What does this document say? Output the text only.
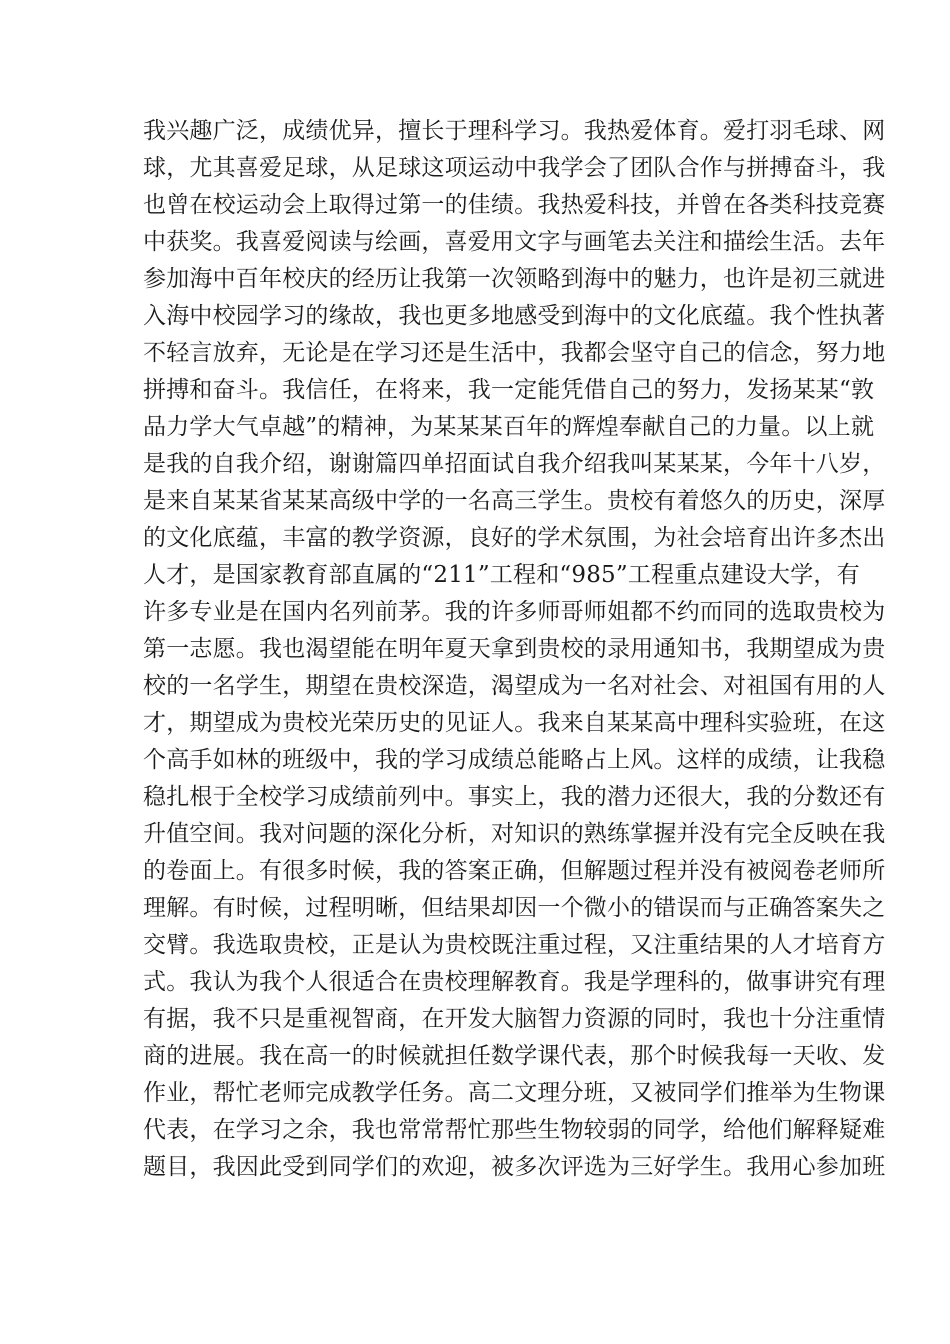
我兴趣广泛，成绩优异，擅长于理科学习。我热爱体育。爱打羽毛球、网
球，尤其喜爱足球，从足球这项运动中我学会了团队合作与拼搏奋斗，我
也曾在校运动会上取得过第一的佳绩。我热爱科技，并曾在各类科技竞赛
中获奖。我喜爱阅读与绘画，喜爱用文字与画笔去关注和描绘生活。去年
参加海中百年校庆的经历让我第一次领略到海中的魅力，也许是初三就进
入海中校园学习的缘故，我也更多地感受到海中的文化底蕴。我个性执著
不轻言放弃，无论是在学习还是生活中，我都会坚守自己的信念，努力地
拼搏和奋斗。我信任，在将来，我一定能凭借自己的努力，发扬某某“敦
品力学大气卓越”的精神，为某某某百年的辉煌奉献自己的力量。以上就
是我的自我介绍，谢谢篇四单招面试自我介绍我叫某某某，今年十八岁，
是来自某某省某某高级中学的一名高三学生。贵校有着悠久的历史，深厚
的文化底蕴，丰富的教学资源，良好的学术氛围，为社会培育出许多杰出
人才，是国家教育部直属的“211”工程和“985”工程重点建设大学，有
许多专业是在国内名列前茅。我的许多师哥师姐都不约而同的选取贵校为
第一志愿。我也渴望能在明年夏天拿到贵校的录用通知书，我期望成为贵
校的一名学生，期望在贵校深造，渴望成为一名对社会、对祖国有用的人
才，期望成为贵校光荣历史的见证人。我来自某某高中理科实验班，在这
个高手如林的班级中，我的学习成绩总能略占上风。这样的成绩，让我稳
稳扎根于全校学习成绩前列中。事实上，我的潜力还很大，我的分数还有
升值空间。我对问题的深化分析，对知识的熟练掌握并没有完全反映在我
的卷面上。有很多时候，我的答案正确，但解题过程并没有被阅卷老师所
理解。有时候，过程明晰，但结果却因一个微小的错误而与正确答案失之
交臂。我选取贵校，正是认为贵校既注重过程，又注重结果的人才培育方
式。我认为我个人很适合在贵校理解教育。我是学理科的，做事讲究有理
有据，我不只是重视智商，在开发大脑智力资源的同时，我也十分注重情
商的进展。我在高一的时候就担任数学课代表，那个时候我每一天收、发
作业，帮忙老师完成教学任务。高二文理分班，又被同学们推举为生物课
代表，在学习之余，我也常常帮忙那些生物较弱的同学，给他们解释疑难
题目，我因此受到同学们的欢迎，被多次评选为三好学生。我用心参加班
